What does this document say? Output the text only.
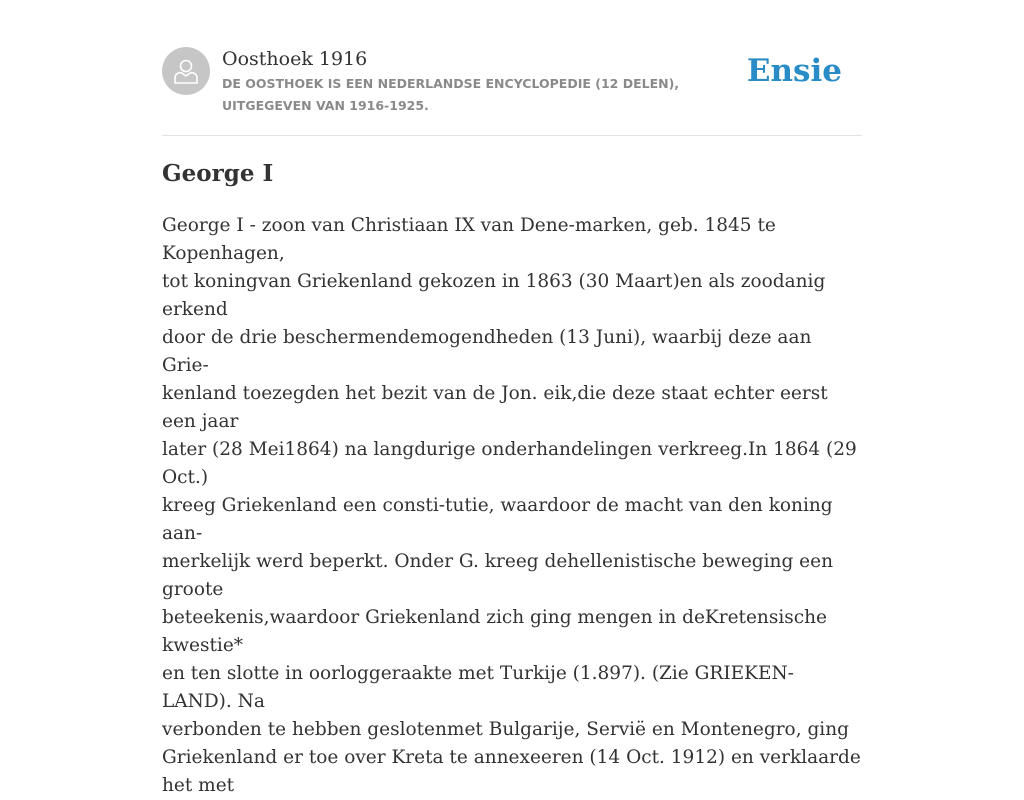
Oosthoek 1916
DE OOSTHOEK IS EEN NEDERLANDSE ENCYCLOPEDIE (12 DELEN), UITGEGEVEN VAN 1916-1925.
Ensie
George I
George I - zoon van Christiaan IX van Dene-marken, geb. 1845 te Kopenhagen,
tot koningvan Griekenland gekozen in 1863 (30 Maart)en als zoodanig erkend
door de drie beschermendemogendheden (13 Juni), waarbij deze aan Grie-
kenland toezegden het bezit van de Jon. eik,die deze staat echter eerst een jaar
later (28 Mei1864) na langdurige onderhandelingen verkreeg.In 1864 (29 Oct.)
kreeg Griekenland een consti-tutie, waardoor de macht van den koning aan-
merkelijk werd beperkt. Onder G. kreeg dehellenistische beweging een groote
beteekenis,waardoor Griekenland zich ging mengen in deKretensische kwestie*
en ten slotte in oorloggeraakte met Turkije (1.897). (Zie GRIEKEN-LAND). Na
verbonden te hebben geslotenmet Bulgarije, Servië en Montenegro, ging
Griekenland er toe over Kreta te annexeeren (14 Oct. 1912) en verklaarde het met
